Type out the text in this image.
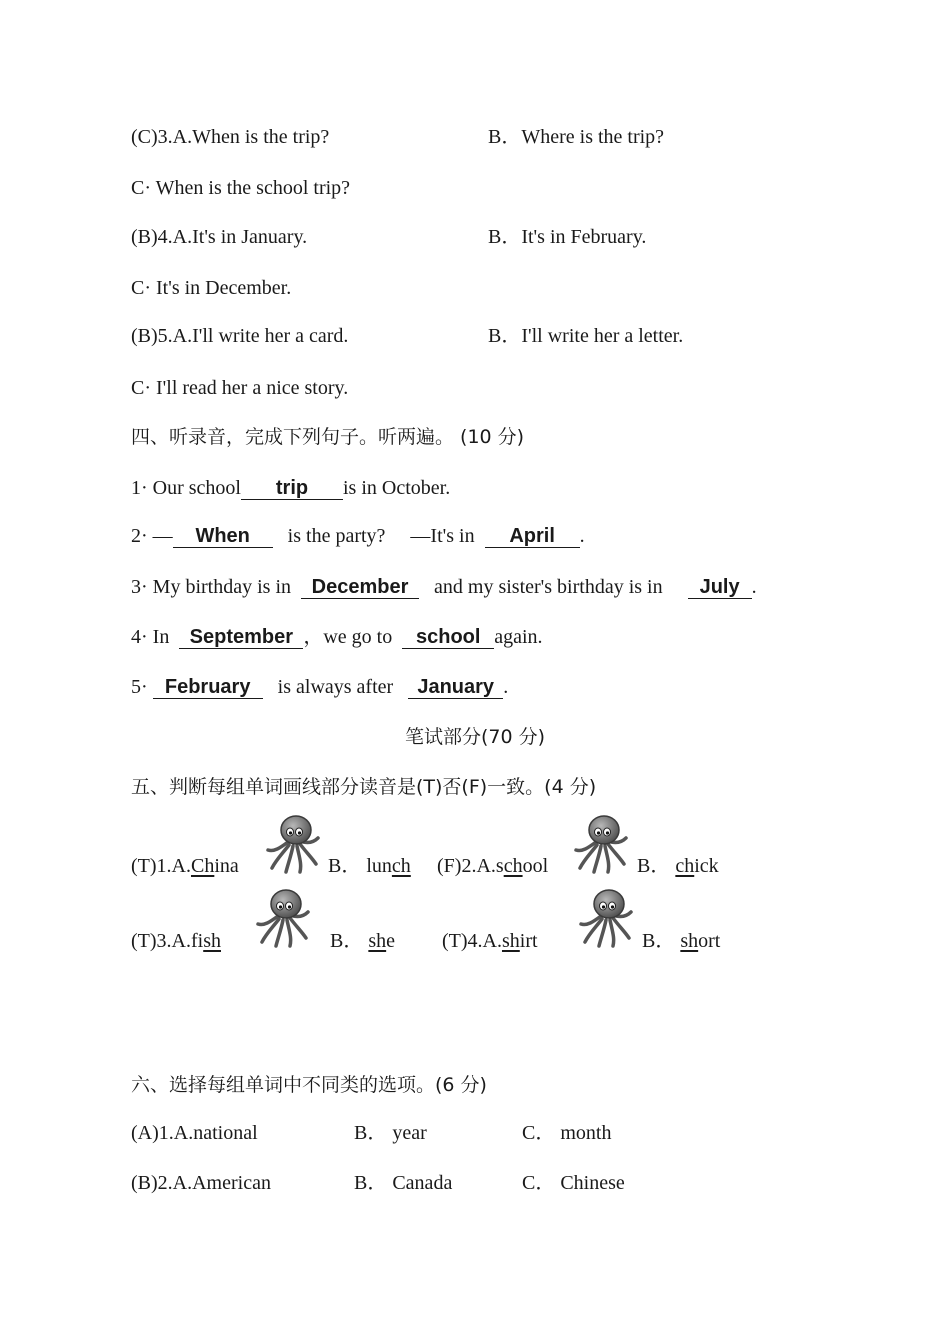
(C)3.A.When is the trip?	B．Where is the trip?
C· When is the school trip?
(B)4.A.It's in January.	B．It's in February.
C· It's in December.
(B)5.A.I'll write her a card.	B．I'll write her a letter.
C· I'll read her a nice story.
四、听录音，完成下列句子。听两遍。 (10 分)
1· Our school trip is in October.
2· — When is the party? —It's in April .
3· My birthday is in December and my sister's birthday is in July .
4· In September ，we go to school again.
5· February is always after January .
笔试部分(70 分)
五、判断每组单词画线部分读音是(T)否(F)一致。(4 分)
(T)1.A.China	B． lunch (F)2.A.school	B． chick
(T)3.A.fish	B． she (T)4.A.shirt	B． short
六、选择每组单词中不同类的选项。(6 分)
(A)1.A.national	B． year	C． month
(B)2.A.American	B． Canada	C． Chinese
